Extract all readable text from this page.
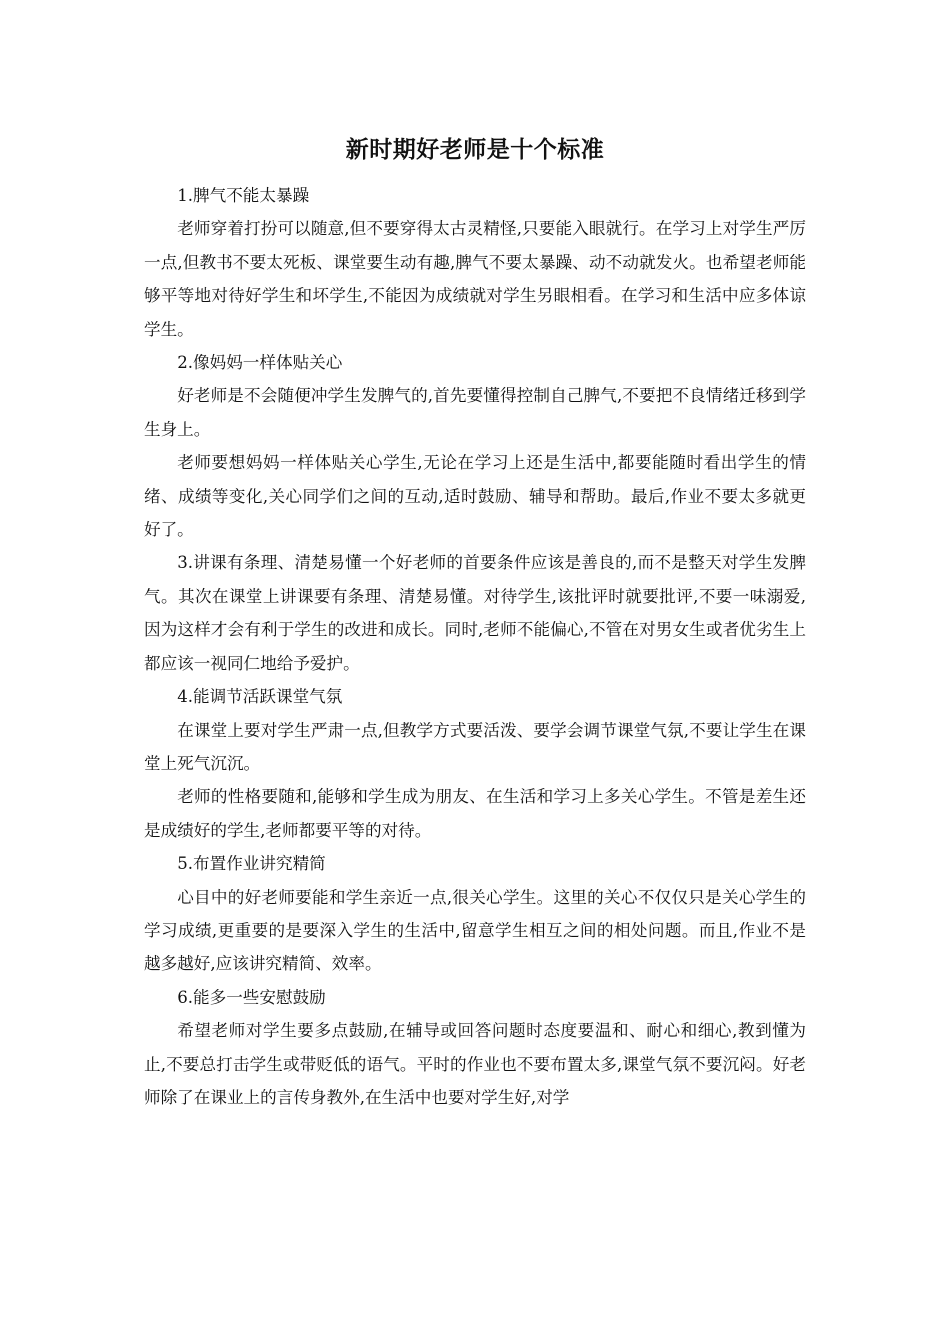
新时期好老师是十个标准

1.脾气不能太暴躁

老师穿着打扮可以随意,但不要穿得太古灵精怪,只要能入眼就行。在学习上对学生严厉一点,但教书不要太死板、课堂要生动有趣,脾气不要太暴躁、动不动就发火。也希望老师能够平等地对待好学生和坏学生,不能因为成绩就对学生另眼相看。在学习和生活中应多体谅学生。

2.像妈妈一样体贴关心

好老师是不会随便冲学生发脾气的,首先要懂得控制自己脾气,不要把不良情绪迁移到学生身上。

老师要想妈妈一样体贴关心学生,无论在学习上还是生活中,都要能随时看出学生的情绪、成绩等变化,关心同学们之间的互动,适时鼓励、辅导和帮助。最后,作业不要太多就更好了。

3.讲课有条理、清楚易懂一个好老师的首要条件应该是善良的,而不是整天对学生发脾气。其次在课堂上讲课要有条理、清楚易懂。对待学生,该批评时就要批评,不要一味溺爱,因为这样才会有利于学生的改进和成长。同时,老师不能偏心,不管在对男女生或者优劣生上都应该一视同仁地给予爱护。

4.能调节活跃课堂气氛

在课堂上要对学生严肃一点,但教学方式要活泼、要学会调节课堂气氛,不要让学生在课堂上死气沉沉。

老师的性格要随和,能够和学生成为朋友、在生活和学习上多关心学生。不管是差生还是成绩好的学生,老师都要平等的对待。

5.布置作业讲究精简

心目中的好老师要能和学生亲近一点,很关心学生。这里的关心不仅仅只是关心学生的学习成绩,更重要的是要深入学生的生活中,留意学生相互之间的相处问题。而且,作业不是越多越好,应该讲究精简、效率。

6.能多一些安慰鼓励

希望老师对学生要多点鼓励,在辅导或回答问题时态度要温和、耐心和细心,教到懂为止,不要总打击学生或带贬低的语气。平时的作业也不要布置太多,课堂气氛不要沉闷。好老师除了在课业上的言传身教外,在生活中也要对学生好,对学
